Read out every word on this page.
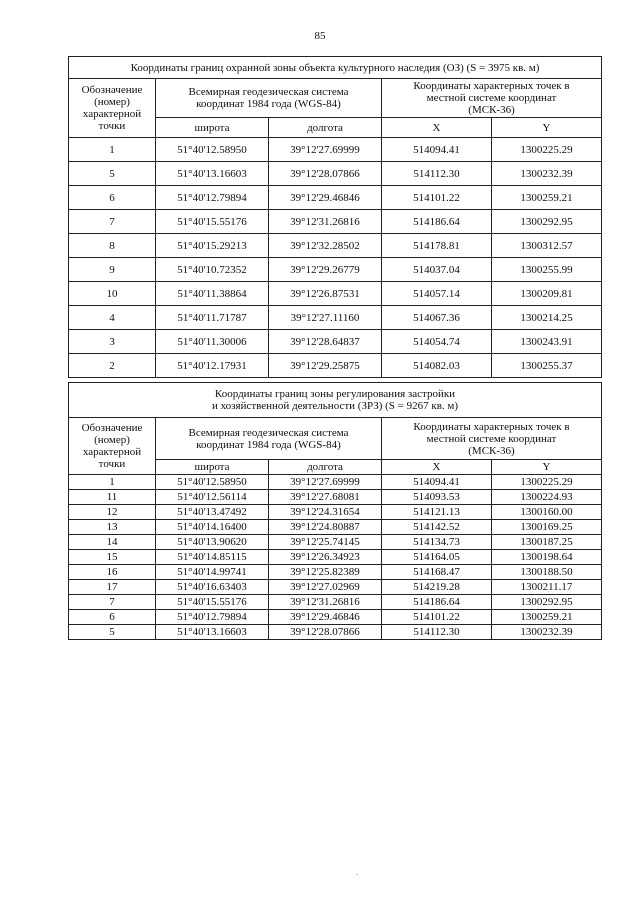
85
Координаты границ охранной зоны объекта культурного наследия (ОЗ) (S = 3975 кв. м)				

Обозначение
(номер)
характерной
точки	Всемирная геодезическая система
координат 1984 года (WGS-84)		Координаты характерных точек в
местной системе координат
(МСК-36)	

	широта	долгота	X	Y
1	51°40'12.58950	39°12'27.69999	514094.41	1300225.29
5	51°40'13.16603	39°12'28.07866	514112.30	1300232.39
6	51°40'12.79894	39°12'29.46846	514101.22	1300259.21
7	51°40'15.55176	39°12'31.26816	514186.64	1300292.95
8	51°40'15.29213	39°12'32.28502	514178.81	1300312.57
9	51°40'10.72352	39°12'29.26779	514037.04	1300255.99
10	51°40'11.38864	39°12'26.87531	514057.14	1300209.81
4	51°40'11.71787	39°12'27.11160	514067.36	1300214.25
3	51°40'11.30006	39°12'28.64837	514054.74	1300243.91
2	51°40'12.17931	39°12'29.25875	514082.03	1300255.37
Координаты границ зоны регулирования застройки
и хозяйственной деятельности (ЗРЗ) (S = 9267 кв. м)				

Обозначение
(номер)
характерной
точки	Всемирная геодезическая система
координат 1984 года (WGS-84)		Координаты характерных точек в
местной системе координат
(МСК-36)	

	широта	долгота	X	Y
1	51°40'12.58950	39°12'27.69999	514094.41	1300225.29
11	51°40'12.56114	39°12'27.68081	514093.53	1300224.93
12	51°40'13.47492	39°12'24.31654	514121.13	1300160.00
13	51°40'14.16400	39°12'24.80887	514142.52	1300169.25
14	51°40'13.90620	39°12'25.74145	514134.73	1300187.25
15	51°40'14.85115	39°12'26.34923	514164.05	1300198.64
16	51°40'14.99741	39°12'25.82389	514168.47	1300188.50
17	51°40'16.63403	39°12'27.02969	514219.28	1300211.17
7	51°40'15.55176	39°12'31.26816	514186.64	1300292.95
6	51°40'12.79894	39°12'29.46846	514101.22	1300259.21
5	51°40'13.16603	39°12'28.07866	514112.30	1300232.39
.
